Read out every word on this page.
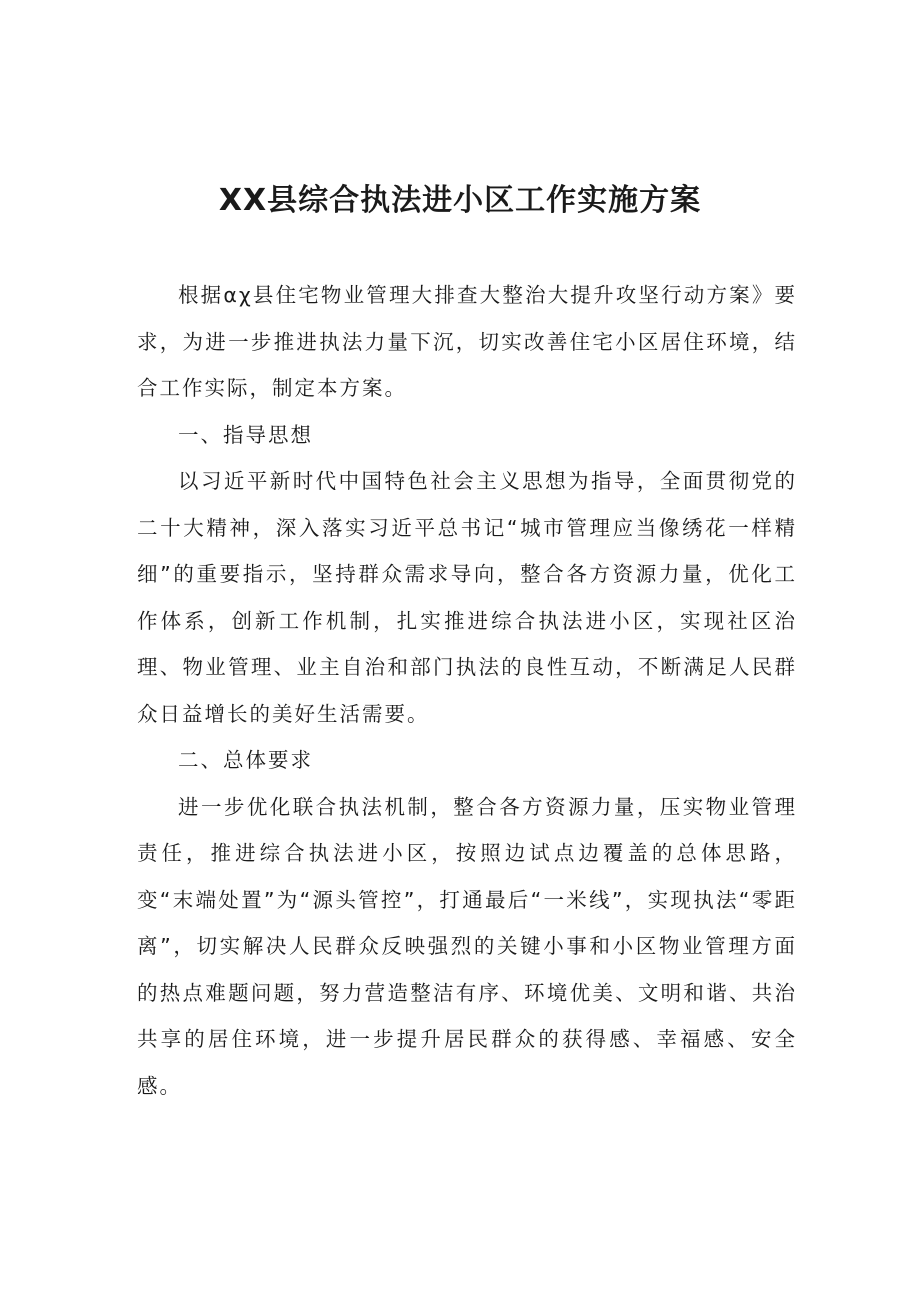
XX县综合执法进小区工作实施方案

根据αχ县住宅物业管理大排查大整治大提升攻坚行动方案》要求，为进一步推进执法力量下沉，切实改善住宅小区居住环境，结合工作实际，制定本方案。

一、指导思想

以习近平新时代中国特色社会主义思想为指导，全面贯彻党的二十大精神，深入落实习近平总书记“城市管理应当像绣花一样精细”的重要指示，坚持群众需求导向，整合各方资源力量，优化工作体系，创新工作机制，扎实推进综合执法进小区，实现社区治理、物业管理、业主自治和部门执法的良性互动，不断满足人民群众日益增长的美好生活需要。

二、总体要求

进一步优化联合执法机制，整合各方资源力量，压实物业管理责任，推进综合执法进小区，按照边试点边覆盖的总体思路，变“末端处置”为“源头管控”，打通最后“一米线”，实现执法“零距离”，切实解决人民群众反映强烈的关键小事和小区物业管理方面的热点难题问题，努力营造整洁有序、环境优美、文明和谐、共治共享的居住环境，进一步提升居民群众的获得感、幸福感、安全感。
